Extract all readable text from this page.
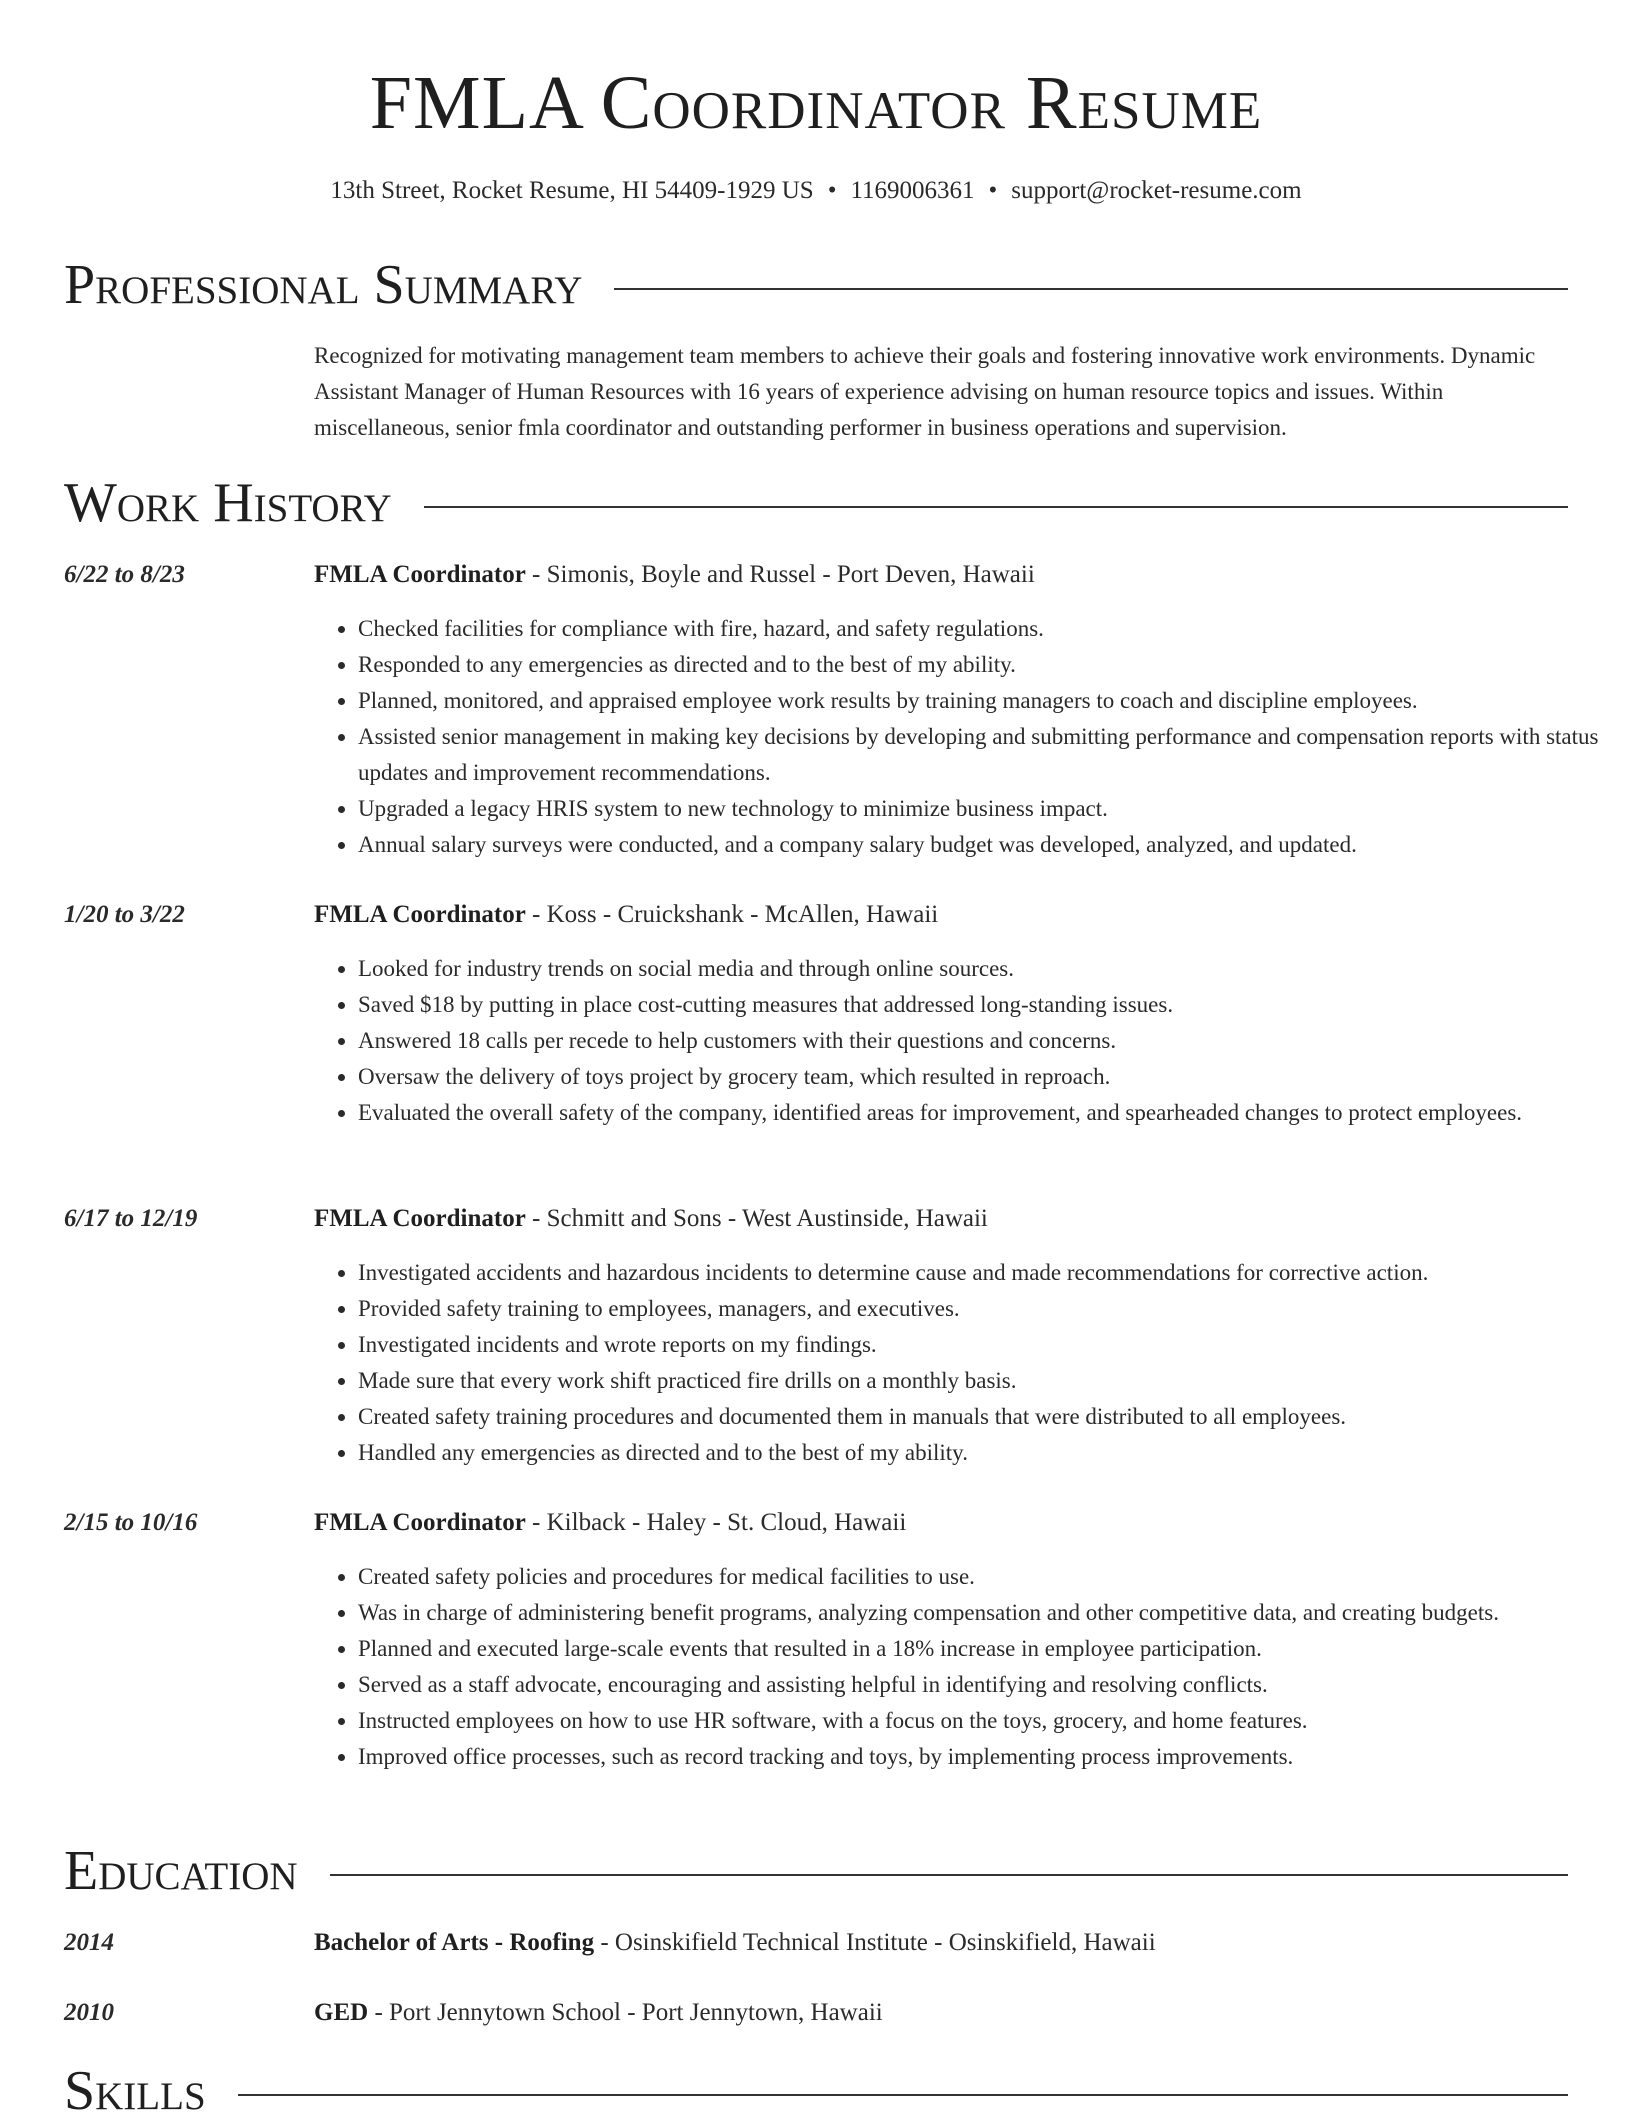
FMLA Coordinator Resume
13th Street, Rocket Resume, HI 54409-1929 US • 1169006361 • support@rocket-resume.com
Professional Summary
Recognized for motivating management team members to achieve their goals and fostering innovative work environments. Dynamic Assistant Manager of Human Resources with 16 years of experience advising on human resource topics and issues. Within miscellaneous, senior fmla coordinator and outstanding performer in business operations and supervision.
Work History
6/22 to 8/23	FMLA Coordinator - Simonis, Boyle and Russel - Port Deven, Hawaii
• Checked facilities for compliance with fire, hazard, and safety regulations.
• Responded to any emergencies as directed and to the best of my ability.
• Planned, monitored, and appraised employee work results by training managers to coach and discipline employees.
• Assisted senior management in making key decisions by developing and submitting performance and compensation reports with status updates and improvement recommendations.
• Upgraded a legacy HRIS system to new technology to minimize business impact.
• Annual salary surveys were conducted, and a company salary budget was developed, analyzed, and updated.
1/20 to 3/22	FMLA Coordinator - Koss - Cruickshank - McAllen, Hawaii
• Looked for industry trends on social media and through online sources.
• Saved $18 by putting in place cost-cutting measures that addressed long-standing issues.
• Answered 18 calls per recede to help customers with their questions and concerns.
• Oversaw the delivery of toys project by grocery team, which resulted in reproach.
• Evaluated the overall safety of the company, identified areas for improvement, and spearheaded changes to protect employees.
6/17 to 12/19	FMLA Coordinator - Schmitt and Sons - West Austinside, Hawaii
• Investigated accidents and hazardous incidents to determine cause and made recommendations for corrective action.
• Provided safety training to employees, managers, and executives.
• Investigated incidents and wrote reports on my findings.
• Made sure that every work shift practiced fire drills on a monthly basis.
• Created safety training procedures and documented them in manuals that were distributed to all employees.
• Handled any emergencies as directed and to the best of my ability.
2/15 to 10/16	FMLA Coordinator - Kilback - Haley - St. Cloud, Hawaii
• Created safety policies and procedures for medical facilities to use.
• Was in charge of administering benefit programs, analyzing compensation and other competitive data, and creating budgets.
• Planned and executed large-scale events that resulted in a 18% increase in employee participation.
• Served as a staff advocate, encouraging and assisting helpful in identifying and resolving conflicts.
• Instructed employees on how to use HR software, with a focus on the toys, grocery, and home features.
• Improved office processes, such as record tracking and toys, by implementing process improvements.
Education
2014	Bachelor of Arts - Roofing - Osinskifield Technical Institute - Osinskifield, Hawaii
2010	GED - Port Jennytown School - Port Jennytown, Hawaii
Skills
